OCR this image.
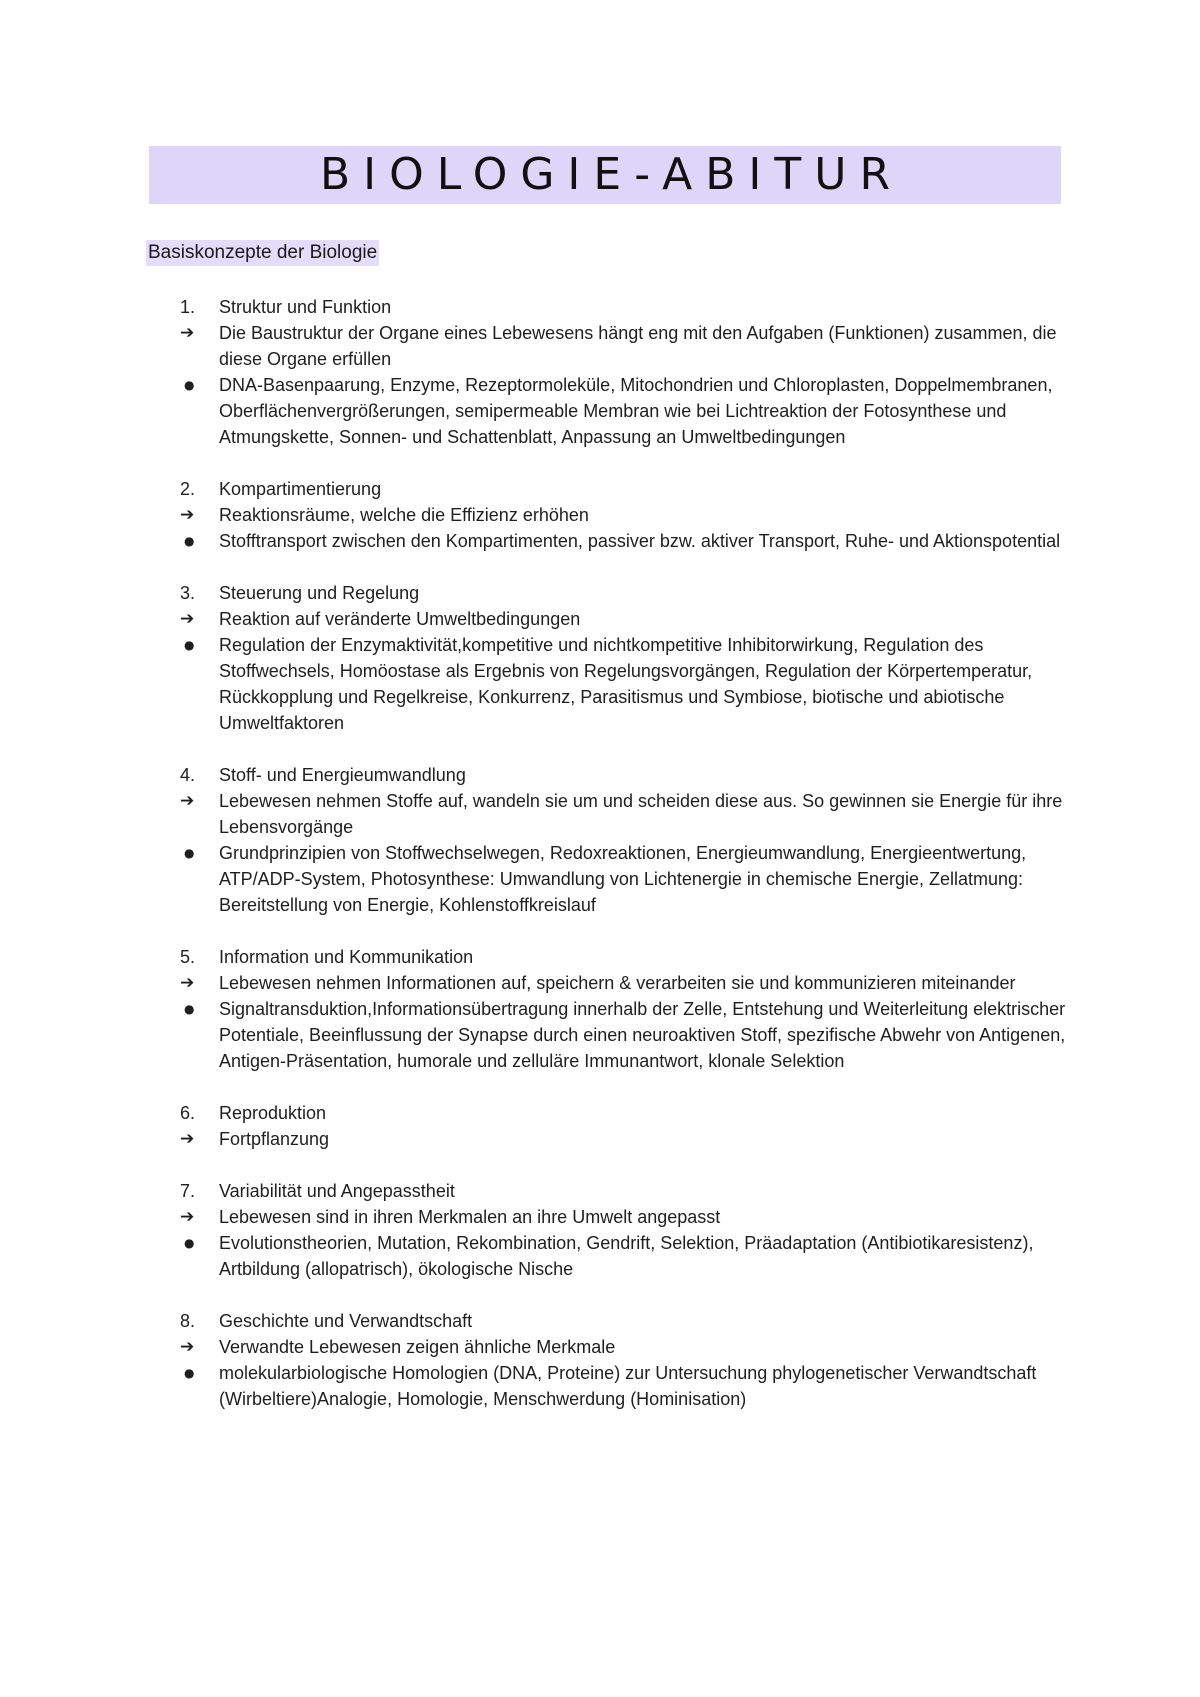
BIOLOGIE-ABITUR
Basiskonzepte der Biologie
1.	Struktur und Funktion
➔	Die Baustruktur der Organe eines Lebewesens hängt eng mit den Aufgaben (Funktionen) zusammen, die diese Organe erfüllen
●	DNA-Basenpaarung, Enzyme, Rezeptormoleküle, Mitochondrien und Chloroplasten, Doppelmembranen, Oberflächenvergrößerungen, semipermeable Membran wie bei Lichtreaktion der Fotosynthese und Atmungskette, Sonnen- und Schattenblatt, Anpassung an Umweltbedingungen
2.	Kompartimentierung
➔	Reaktionsräume, welche die Effizienz erhöhen
●	Stofftransport zwischen den Kompartimenten, passiver bzw. aktiver Transport, Ruhe- und Aktionspotential
3.	Steuerung und Regelung
➔	Reaktion auf veränderte Umweltbedingungen
●	Regulation der Enzymaktivität,kompetitive und nichtkompetitive Inhibitorwirkung, Regulation des Stoffwechsels, Homöostase als Ergebnis von Regelungsvorgängen, Regulation der Körpertemperatur, Rückkopplung und Regelkreise, Konkurrenz, Parasitismus und Symbiose, biotische und abiotische Umweltfaktoren
4.	Stoff- und Energieumwandlung
➔	Lebewesen nehmen Stoffe auf, wandeln sie um und scheiden diese aus. So gewinnen sie Energie für ihre Lebensvorgänge
●	Grundprinzipien von Stoffwechselwegen, Redoxreaktionen, Energieumwandlung, Energieentwertung, ATP/ADP-System, Photosynthese: Umwandlung von Lichtenergie in chemische Energie, Zellatmung: Bereitstellung von Energie, Kohlenstoffkreislauf
5.	Information und Kommunikation
➔	Lebewesen nehmen Informationen auf, speichern & verarbeiten sie und kommunizieren miteinander
●	Signaltransduktion,Informationsübertragung innerhalb der Zelle, Entstehung und Weiterleitung elektrischer Potentiale, Beeinflussung der Synapse durch einen neuroaktiven Stoff, spezifische Abwehr von Antigenen, Antigen-Präsentation, humorale und zelluläre Immunantwort, klonale Selektion
6.	Reproduktion
➔	Fortpflanzung
7.	Variabilität und Angepasstheit
➔	Lebewesen sind in ihren Merkmalen an ihre Umwelt angepasst
●	Evolutionstheorien, Mutation, Rekombination, Gendrift, Selektion, Präadaptation (Antibiotikaresistenz), Artbildung (allopatrisch), ökologische Nische
8.	Geschichte und Verwandtschaft
➔	Verwandte Lebewesen zeigen ähnliche Merkmale
●	molekularbiologische Homologien (DNA, Proteine) zur Untersuchung phylogenetischer Verwandtschaft (Wirbeltiere)Analogie, Homologie, Menschwerdung (Hominisation)
